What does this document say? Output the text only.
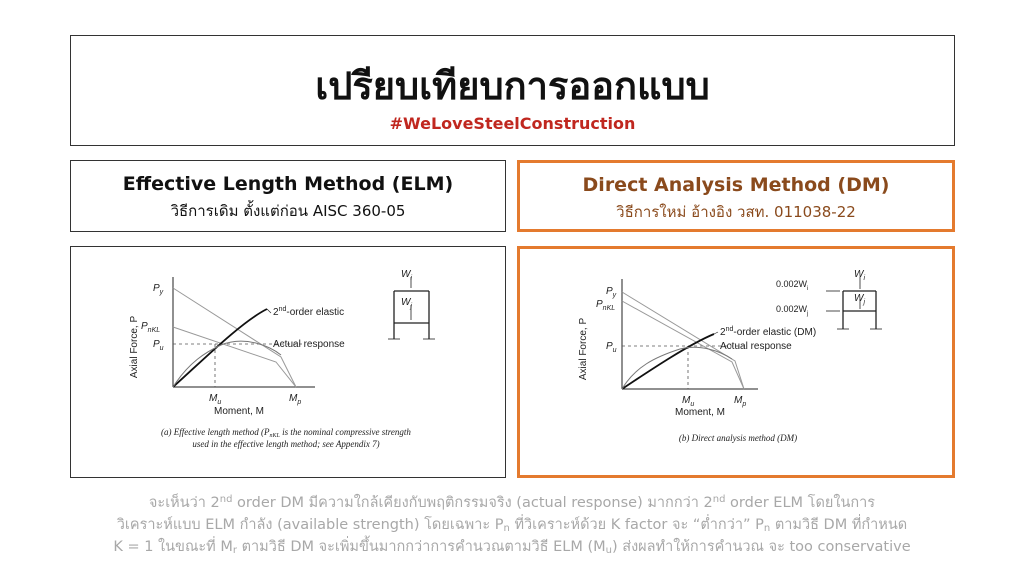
เปรียบเทียบการออกแบบ
#WeLoveSteelConstruction
Effective Length Method (ELM)
วิธีการเดิม ตั้งแต่ก่อน AISC 360-05
Direct Analysis Method (DM)
วิธีการใหม่ อ้างอิง วสท. 011038-22
Axial Force, P
Moment, M
$P_y$
$P_{nKL}$
$P_u$
$M_u$	$M_p$
2nd-order elastic
Actual response
$W_i$
$W_j$
(a) Effective length method ($P_{nKL}$ is the nominal compressive strength
used in the effective length method; see Appendix 7)
Axial Force, P
Moment, M
$P_y$
$P_{nKL}$
$P_u$
$M_u$	$M_p$
2nd-order elastic (DM)
Actual response
$W_i$
$W_j$
$0.002W_i$
$0.002W_j$
(b) Direct analysis method (DM)
จะเห็นว่า 2nd order DM มีความใกล้เคียงกับพฤติกรรมจริง (actual response) มากกว่า 2nd order ELM โดยในการ
วิเคราะห์แบบ ELM กำลัง (available strength) โดยเฉพาะ $P_n$ ที่วิเคราะห์ด้วย K factor จะ “ต่ำกว่า” $P_n$ ตามวิธี DM ที่กำหนด
K = 1 ในขณะที่ $M_r$ ตามวิธี DM จะเพิ่มขึ้นมากกว่าการคำนวณตามวิธี ELM $(M_u)$ ส่งผลทำให้การคำนวณ จะ too conservative
